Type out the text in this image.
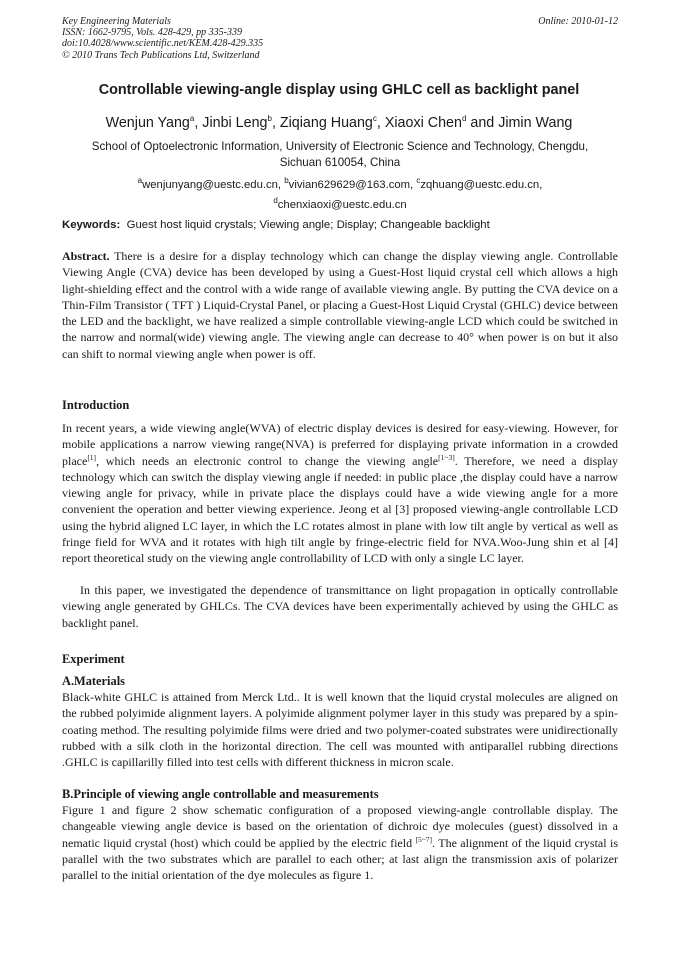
Key Engineering Materials
ISSN: 1662-9795, Vols. 428-429, pp 335-339
doi:10.4028/www.scientific.net/KEM.428-429.335
© 2010 Trans Tech Publications Ltd, Switzerland
Online: 2010-01-12
Controllable viewing-angle display using GHLC cell as backlight panel
Wenjun Yang$^a$, Jinbi Leng$^b$, Ziqiang Huang$^c$, Xiaoxi Chen$^d$ and Jimin Wang
School of Optoelectronic Information, University of Electronic Science and Technology, Chengdu,
Sichuan 610054, China
$^a$wenjunyang@uestc.edu.cn, $^b$vivian629629@163.com, $^c$zqhuang@uestc.edu.cn,
$^d$chenxiaoxi@uestc.edu.cn
Keywords: Guest host liquid crystals; Viewing angle; Display; Changeable backlight
Abstract. There is a desire for a display technology which can change the display viewing angle. Controllable Viewing Angle (CVA) device has been developed by using a Guest-Host liquid crystal cell which allows a high light-shielding effect and the control with a wide range of available viewing angle. By putting the CVA device on a Thin-Film Transistor ( TFT ) Liquid-Crystal Panel, or placing a Guest-Host Liquid Crystal (GHLC) device between the LED and the backlight, we have realized a simple controllable viewing-angle LCD which could be switched in the narrow and normal(wide) viewing angle. The viewing angle can decrease to 40° when power is on but it also can shift to normal viewing angle when power is off.
Introduction
In recent years, a wide viewing angle(WVA) of electric display devices is desired for easy-viewing. However, for mobile applications a narrow viewing range(NVA) is preferred for displaying private information in a crowded place[1], which needs an electronic control to change the viewing angle[1~3]. Therefore, we need a display technology which can switch the display viewing angle if needed: in public place ,the display could have a narrow viewing angle for privacy, while in private place the displays could have a wide viewing angle for a more convenient the operation and better viewing experience. Jeong et al [3] proposed viewing-angle controllable LCD using the hybrid aligned LC layer, in which the LC rotates almost in plane with low tilt angle by vertical as well as fringe field for WVA and it rotates with high tilt angle by fringe-electric field for NVA.Woo-Jung shin et al [4] report theoretical study on the viewing angle controllability of LCD with only a single LC layer.
In this paper, we investigated the dependence of transmittance on light propagation in optically controllable viewing angle generated by GHLCs. The CVA devices have been experimentally achieved by using the GHLC as backlight panel.
Experiment
A.Materials
Black-white GHLC is attained from Merck Ltd.. It is well known that the liquid crystal molecules are aligned on the rubbed polyimide alignment layers. A polyimide alignment polymer layer in this study was prepared by a spin-coating method. The resulting polyimide films were dried and two polymer-coated substrates were unidirectionally rubbed with a silk cloth in the horizontal direction. The cell was mounted with antiparallel rubbing directions .GHLC is capillarilly filled into test cells with different thickness in micron scale.
B.Principle of viewing angle controllable and measurements
Figure 1 and figure 2 show schematic configuration of a proposed viewing-angle controllable display. The changeable viewing angle device is based on the orientation of dichroic dye molecules (guest) dissolved in a nematic liquid crystal (host) which could be applied by the electric field [5~7]. The alignment of the liquid crystal is parallel with the two substrates which are parallel to each other; at last align the transmission axis of polarizer parallel to the initial orientation of the dye molecules as figure 1.
